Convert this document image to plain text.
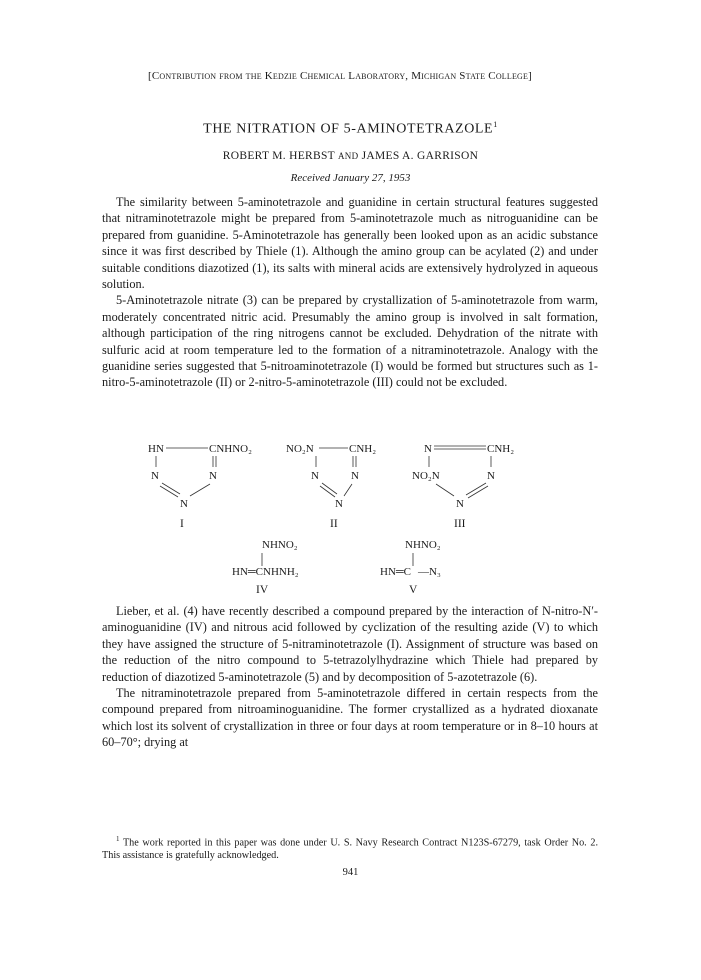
[Contribution from the Kedzie Chemical Laboratory, Michigan State College]
THE NITRATION OF 5-AMINOTETRAZOLE$^1$
ROBERT M. HERBST AND JAMES A. GARRISON
Received January 27, 1953

The similarity between 5-aminotetrazole and guanidine in certain structural features suggested that nitraminotetrazole might be prepared from 5-aminotetrazole much as nitroguanidine can be prepared from guanidine. 5-Aminotetrazole has generally been looked upon as an acidic substance since it was first described by Thiele (1). Although the amino group can be acylated (2) and under suitable conditions diazotized (1), its salts with mineral acids are extensively hydrolyzed in aqueous solution.

5-Aminotetrazole nitrate (3) can be prepared by crystallization of 5-aminotetrazole from warm, moderately concentrated nitric acid. Presumably the amino group is involved in salt formation, although participation of the ring nitrogens cannot be excluded. Dehydration of the nitrate with sulfuric acid at room temperature led to the formation of a nitraminotetrazole. Analogy with the guanidine series suggested that 5-nitroaminotetrazole (I) would be formed but structures such as 1-nitro-5-aminotetrazole (II) or 2-nitro-5-aminotetrazole (III) could not be excluded.

HN	CNHNO₂
N	N
N
I
NO₂N	CNH₂
N	N
N
II
N	CNH₂
NO₂N	N
N
III
NHNO₂
HN═CNHNH₂
IV
NHNO₂
HN═C —N₃
V

Lieber, et al. (4) have recently described a compound prepared by the interaction of N-nitro-N′-aminoguanidine (IV) and nitrous acid followed by cyclization of the resulting azide (V) to which they have assigned the structure of 5-nitraminotetrazole (I). Assignment of structure was based on the reduction of the nitro compound to 5-tetrazolylhydrazine which Thiele had prepared by reduction of diazotized 5-aminotetrazole (5) and by decomposition of 5-azotetrazole (6).

The nitraminotetrazole prepared from 5-aminotetrazole differed in certain respects from the compound prepared from nitroaminoguanidine. The former crystallized as a hydrated dioxanate which lost its solvent of crystallization in three or four days at room temperature or in 8–10 hours at 60–70°; drying at

$^1$ The work reported in this paper was done under U. S. Navy Research Contract N123S-67279, task Order No. 2. This assistance is gratefully acknowledged.
941
